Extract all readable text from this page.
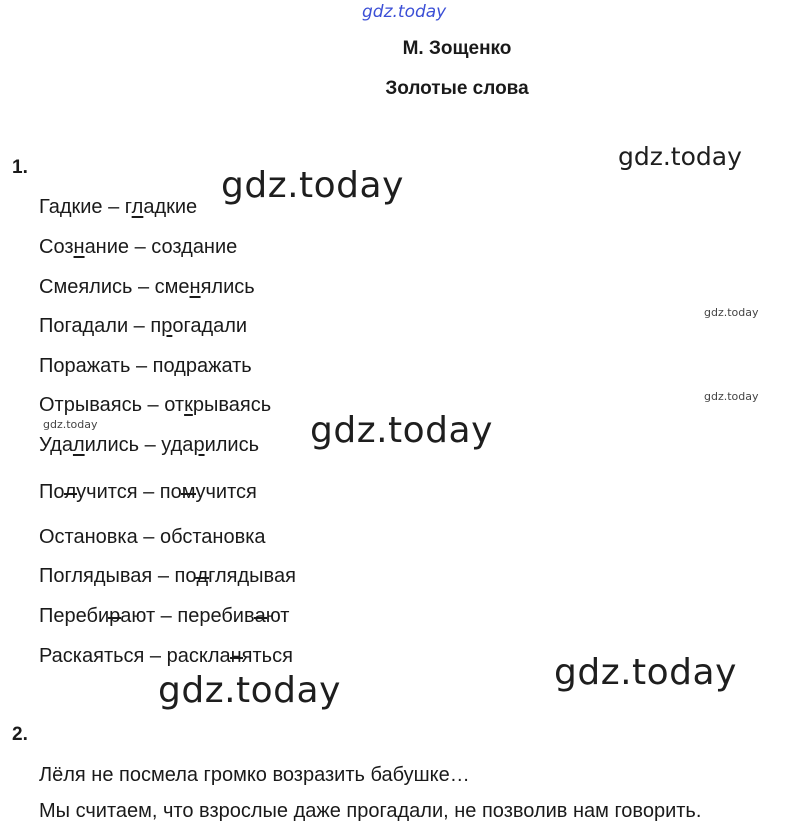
gdz.today
gdz.today
gdz.today
gdz.today
gdz.today
gdz.today	gdz.today
gdz.today
gdz.today
М. Зощенко
Золотые слова
1.
Гадкие – гладкие
Сознание – создание
Смеялись – сменялись
Погадали – прогадали
Поражать – подражать
Отрываясь – открываясь
Удалились – ударились
Получится – помучится
Остановка – обстановка
Поглядывая – подглядывая
Перебирают – перебивают
Раскаяться – раскланяться
2.
Лёля не посмела громко возразить бабушке…
Мы считаем, что взрослые даже прогадали, не позволив нам говорить.
